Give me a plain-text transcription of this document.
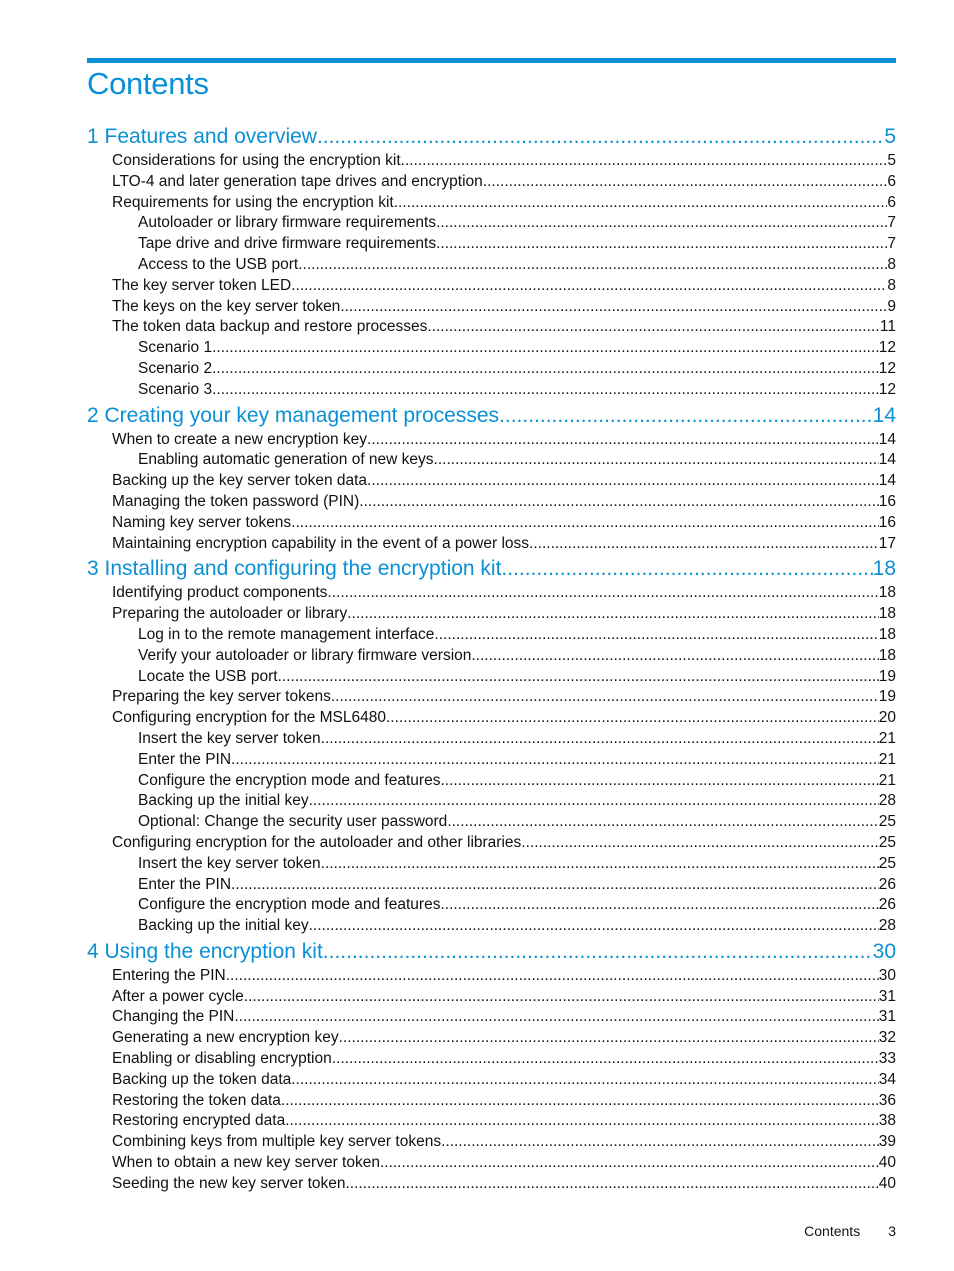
Contents
1 Features and overview .....	5
Considerations for using the encryption kit .....	5
LTO-4 and later generation tape drives and encryption .....	6
Requirements for using the encryption kit .....	6
Autoloader or library firmware requirements .....	7
Tape drive and drive firmware requirements .....	7
Access to the USB port .....	8
The key server token LED .....	8
The keys on the key server token .....	9
The token data backup and restore processes .....	11
Scenario 1 .....	12
Scenario 2 .....	12
Scenario 3 .....	12
2 Creating your key management processes .....	14
When to create a new encryption key .....	14
Enabling automatic generation of new keys .....	14
Backing up the key server token data .....	14
Managing the token password (PIN) .....	16
Naming key server tokens .....	16
Maintaining encryption capability in the event of a power loss .....	17
3 Installing and configuring the encryption kit .....	18
Identifying product components .....	18
Preparing the autoloader or library .....	18
Log in to the remote management interface .....	18
Verify your autoloader or library firmware version .....	18
Locate the USB port .....	19
Preparing the key server tokens .....	19
Configuring encryption for the MSL6480 .....	20
Insert the key server token .....	21
Enter the PIN .....	21
Configure the encryption mode and features .....	21
Backing up the initial key .....	28
Optional: Change the security user password .....	25
Configuring encryption for the autoloader and other libraries .....	25
Insert the key server token .....	25
Enter the PIN .....	26
Configure the encryption mode and features .....	26
Backing up the initial key .....	28
4 Using the encryption kit .....	30
Entering the PIN .....	30
After a power cycle .....	31
Changing the PIN .....	31
Generating a new encryption key .....	32
Enabling or disabling encryption .....	33
Backing up the token data .....	34
Restoring the token data .....	36
Restoring encrypted data .....	38
Combining keys from multiple key server tokens .....	39
When to obtain a new key server token .....	40
Seeding the new key server token .....	40
Contents 3
